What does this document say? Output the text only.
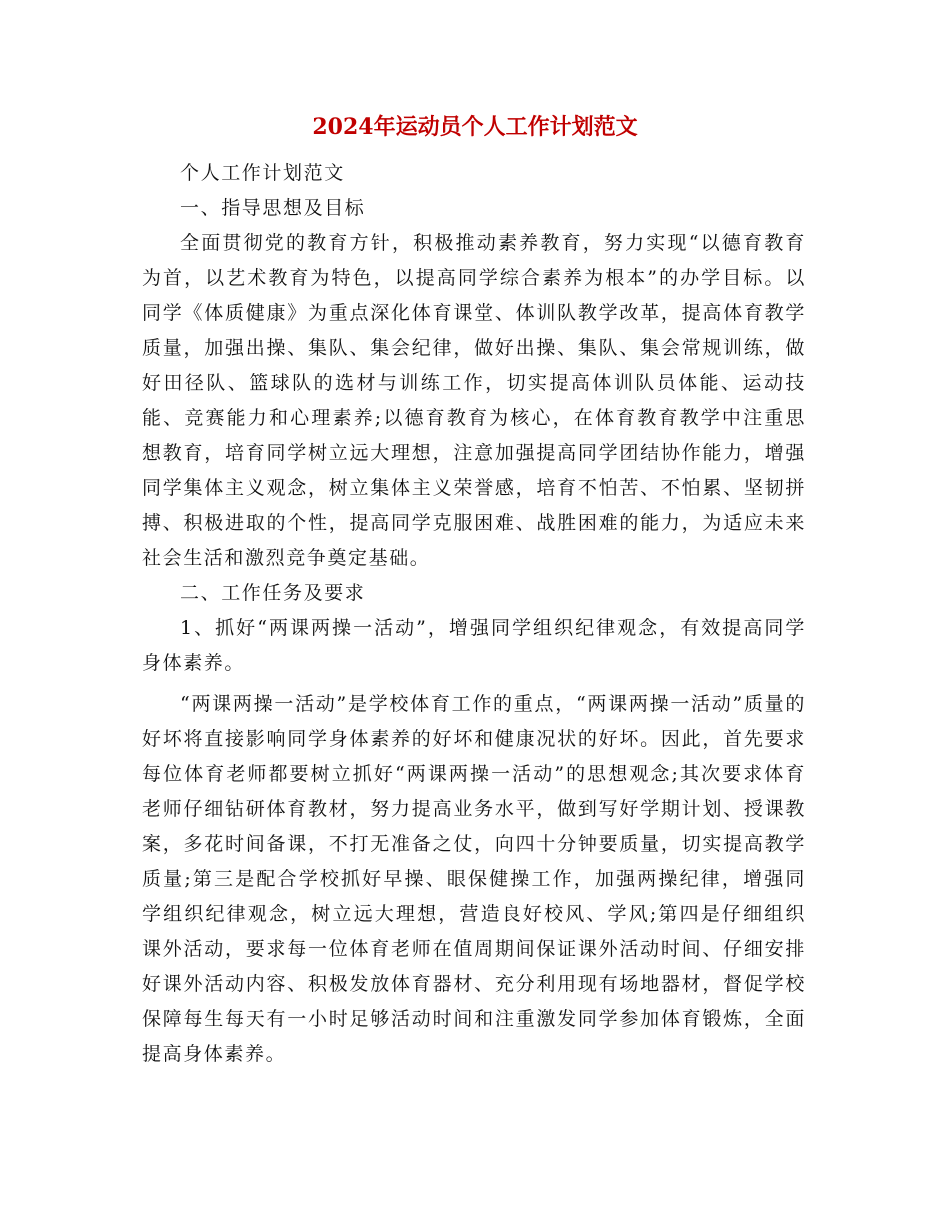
2024年运动员个人工作计划范文

个人工作计划范文

一、指导思想及目标

全面贯彻党的教育方针，积极推动素养教育，努力实现“以德育教育为首，以艺术教育为特色，以提高同学综合素养为根本”的办学目标。以同学《体质健康》为重点深化体育课堂、体训队教学改革，提高体育教学质量，加强出操、集队、集会纪律，做好出操、集队、集会常规训练，做好田径队、篮球队的选材与训练工作，切实提高体训队员体能、运动技能、竞赛能力和心理素养;以德育教育为核心，在体育教育教学中注重思想教育，培育同学树立远大理想，注意加强提高同学团结协作能力，增强同学集体主义观念，树立集体主义荣誉感，培育不怕苦、不怕累、坚韧拼搏、积极进取的个性，提高同学克服困难、战胜困难的能力，为适应未来社会生活和激烈竞争奠定基础。

二、工作任务及要求

1、抓好“两课两操一活动”，增强同学组织纪律观念，有效提高同学身体素养。

“两课两操一活动”是学校体育工作的重点，“两课两操一活动”质量的好坏将直接影响同学身体素养的好坏和健康况状的好坏。因此，首先要求每位体育老师都要树立抓好“两课两操一活动”的思想观念;其次要求体育老师仔细钻研体育教材，努力提高业务水平，做到写好学期计划、授课教案，多花时间备课，不打无准备之仗，向四十分钟要质量，切实提高教学质量;第三是配合学校抓好早操、眼保健操工作，加强两操纪律，增强同学组织纪律观念，树立远大理想，营造良好校风、学风;第四是仔细组织课外活动，要求每一位体育老师在值周期间保证课外活动时间、仔细安排好课外活动内容、积极发放体育器材、充分利用现有场地器材，督促学校保障每生每天有一小时足够活动时间和注重激发同学参加体育锻炼，全面提高身体素养。
